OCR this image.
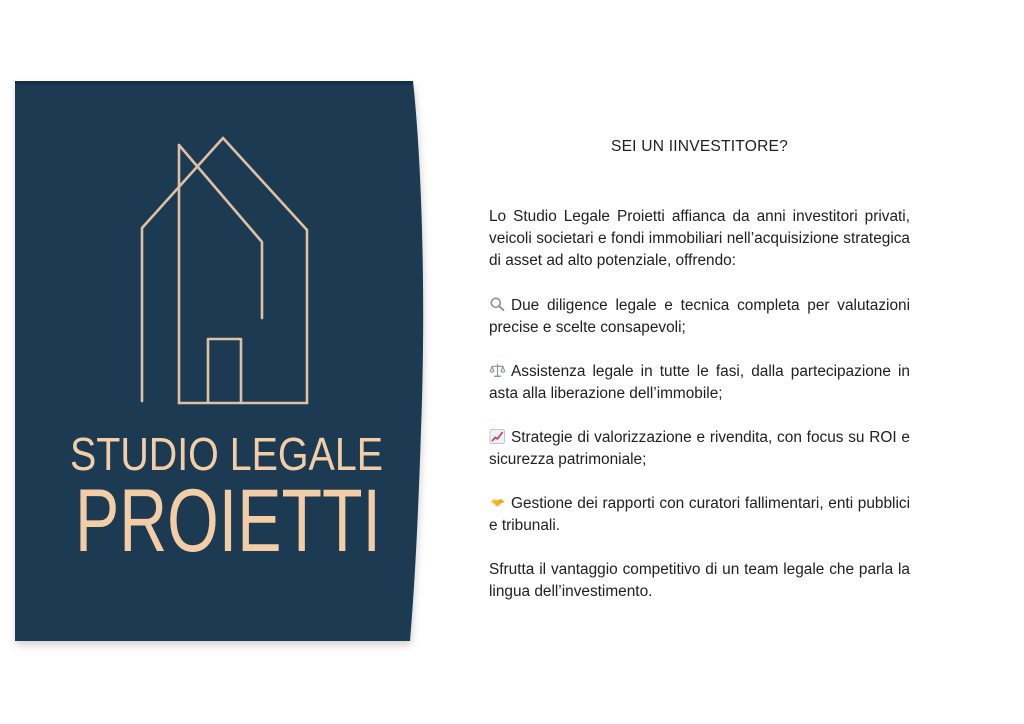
STUDIO LEGALE
PROIETTI

SEI UN IINVESTITORE?

Lo Studio Legale Proietti affianca da anni investitori privati, veicoli societari e fondi immobiliari nell’acquisizione strategica di asset ad alto potenziale, offrendo:

Due diligence legale e tecnica completa per valutazioni precise e scelte consapevoli;

Assistenza legale in tutte le fasi, dalla partecipazione in asta alla liberazione dell’immobile;

Strategie di valorizzazione e rivendita, con focus su ROI e sicurezza patrimoniale;

Gestione dei rapporti con curatori fallimentari, enti pubblici e tribunali.

Sfrutta il vantaggio competitivo di un team legale che parla la lingua dell’investimento.
